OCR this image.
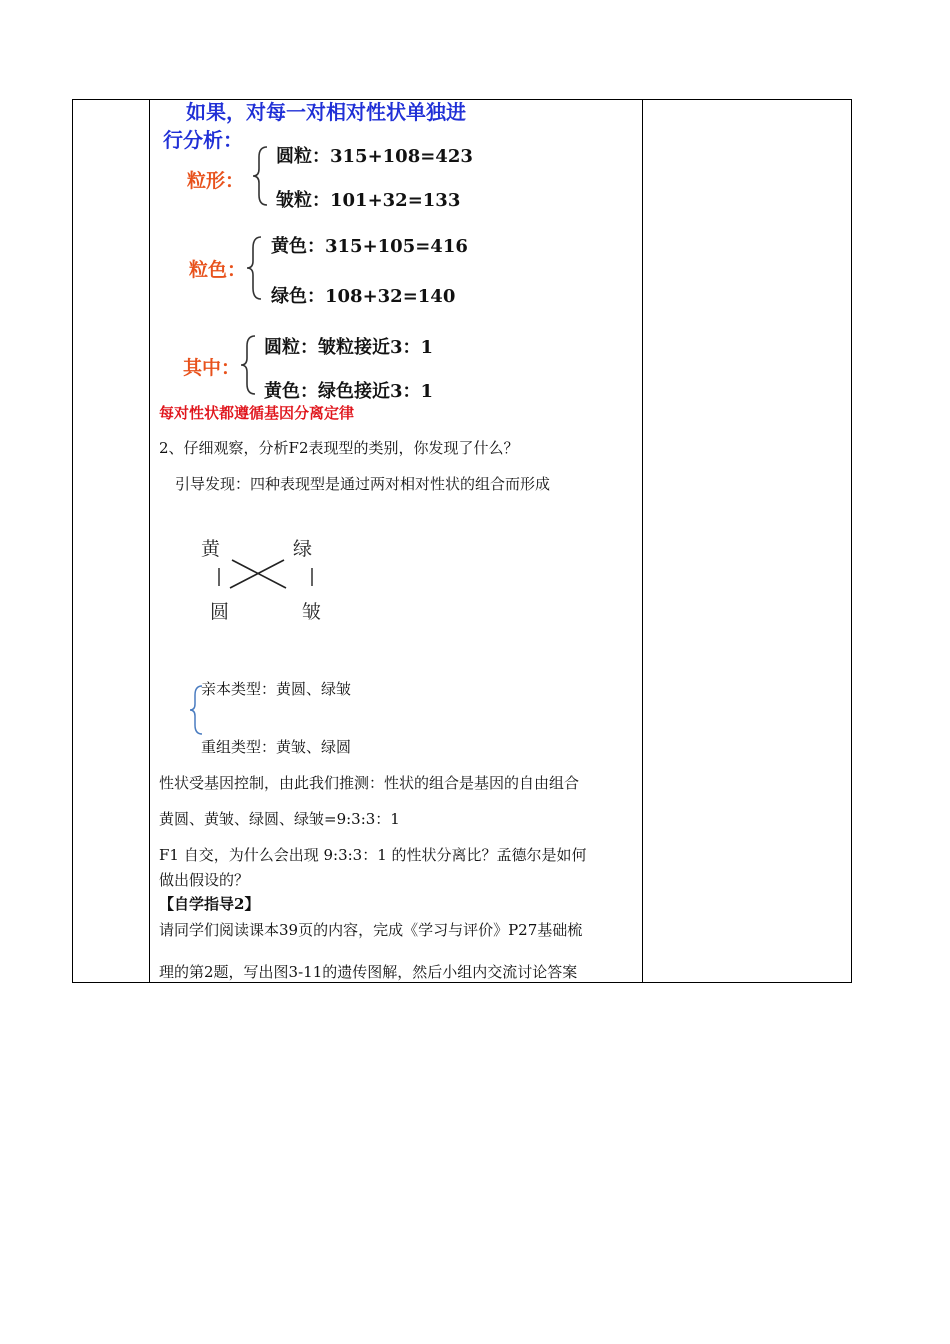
如果，对每一对相对性状单独进
行分析：
粒形：
圆粒：315+108=423
皱粒：101+32=133
粒色：
黄色：315+105=416
绿色：108+32=140
其中：
圆粒：皱粒接近3：1
黄色：绿色接近3：1
每对性状都遵循基因分离定律
2、仔细观察，分析F2表现型的类别，你发现了什么？
引导发现：四种表现型是通过两对相对性状的组合而形成
黄	绿
圆	皱
亲本类型：黄圆、绿皱
重组类型：黄皱、绿圆
性状受基因控制，由此我们推测：性状的组合是基因的自由组合
黄圆、黄皱、绿圆、绿皱=9:3:3：1
F1 自交，为什么会出现 9:3:3：1 的性状分离比？孟德尔是如何
做出假设的？
【自学指导2】
请同学们阅读课本39页的内容，完成《学习与评价》P27基础梳
理的第2题，写出图3-11的遗传图解，然后小组内交流讨论答案
